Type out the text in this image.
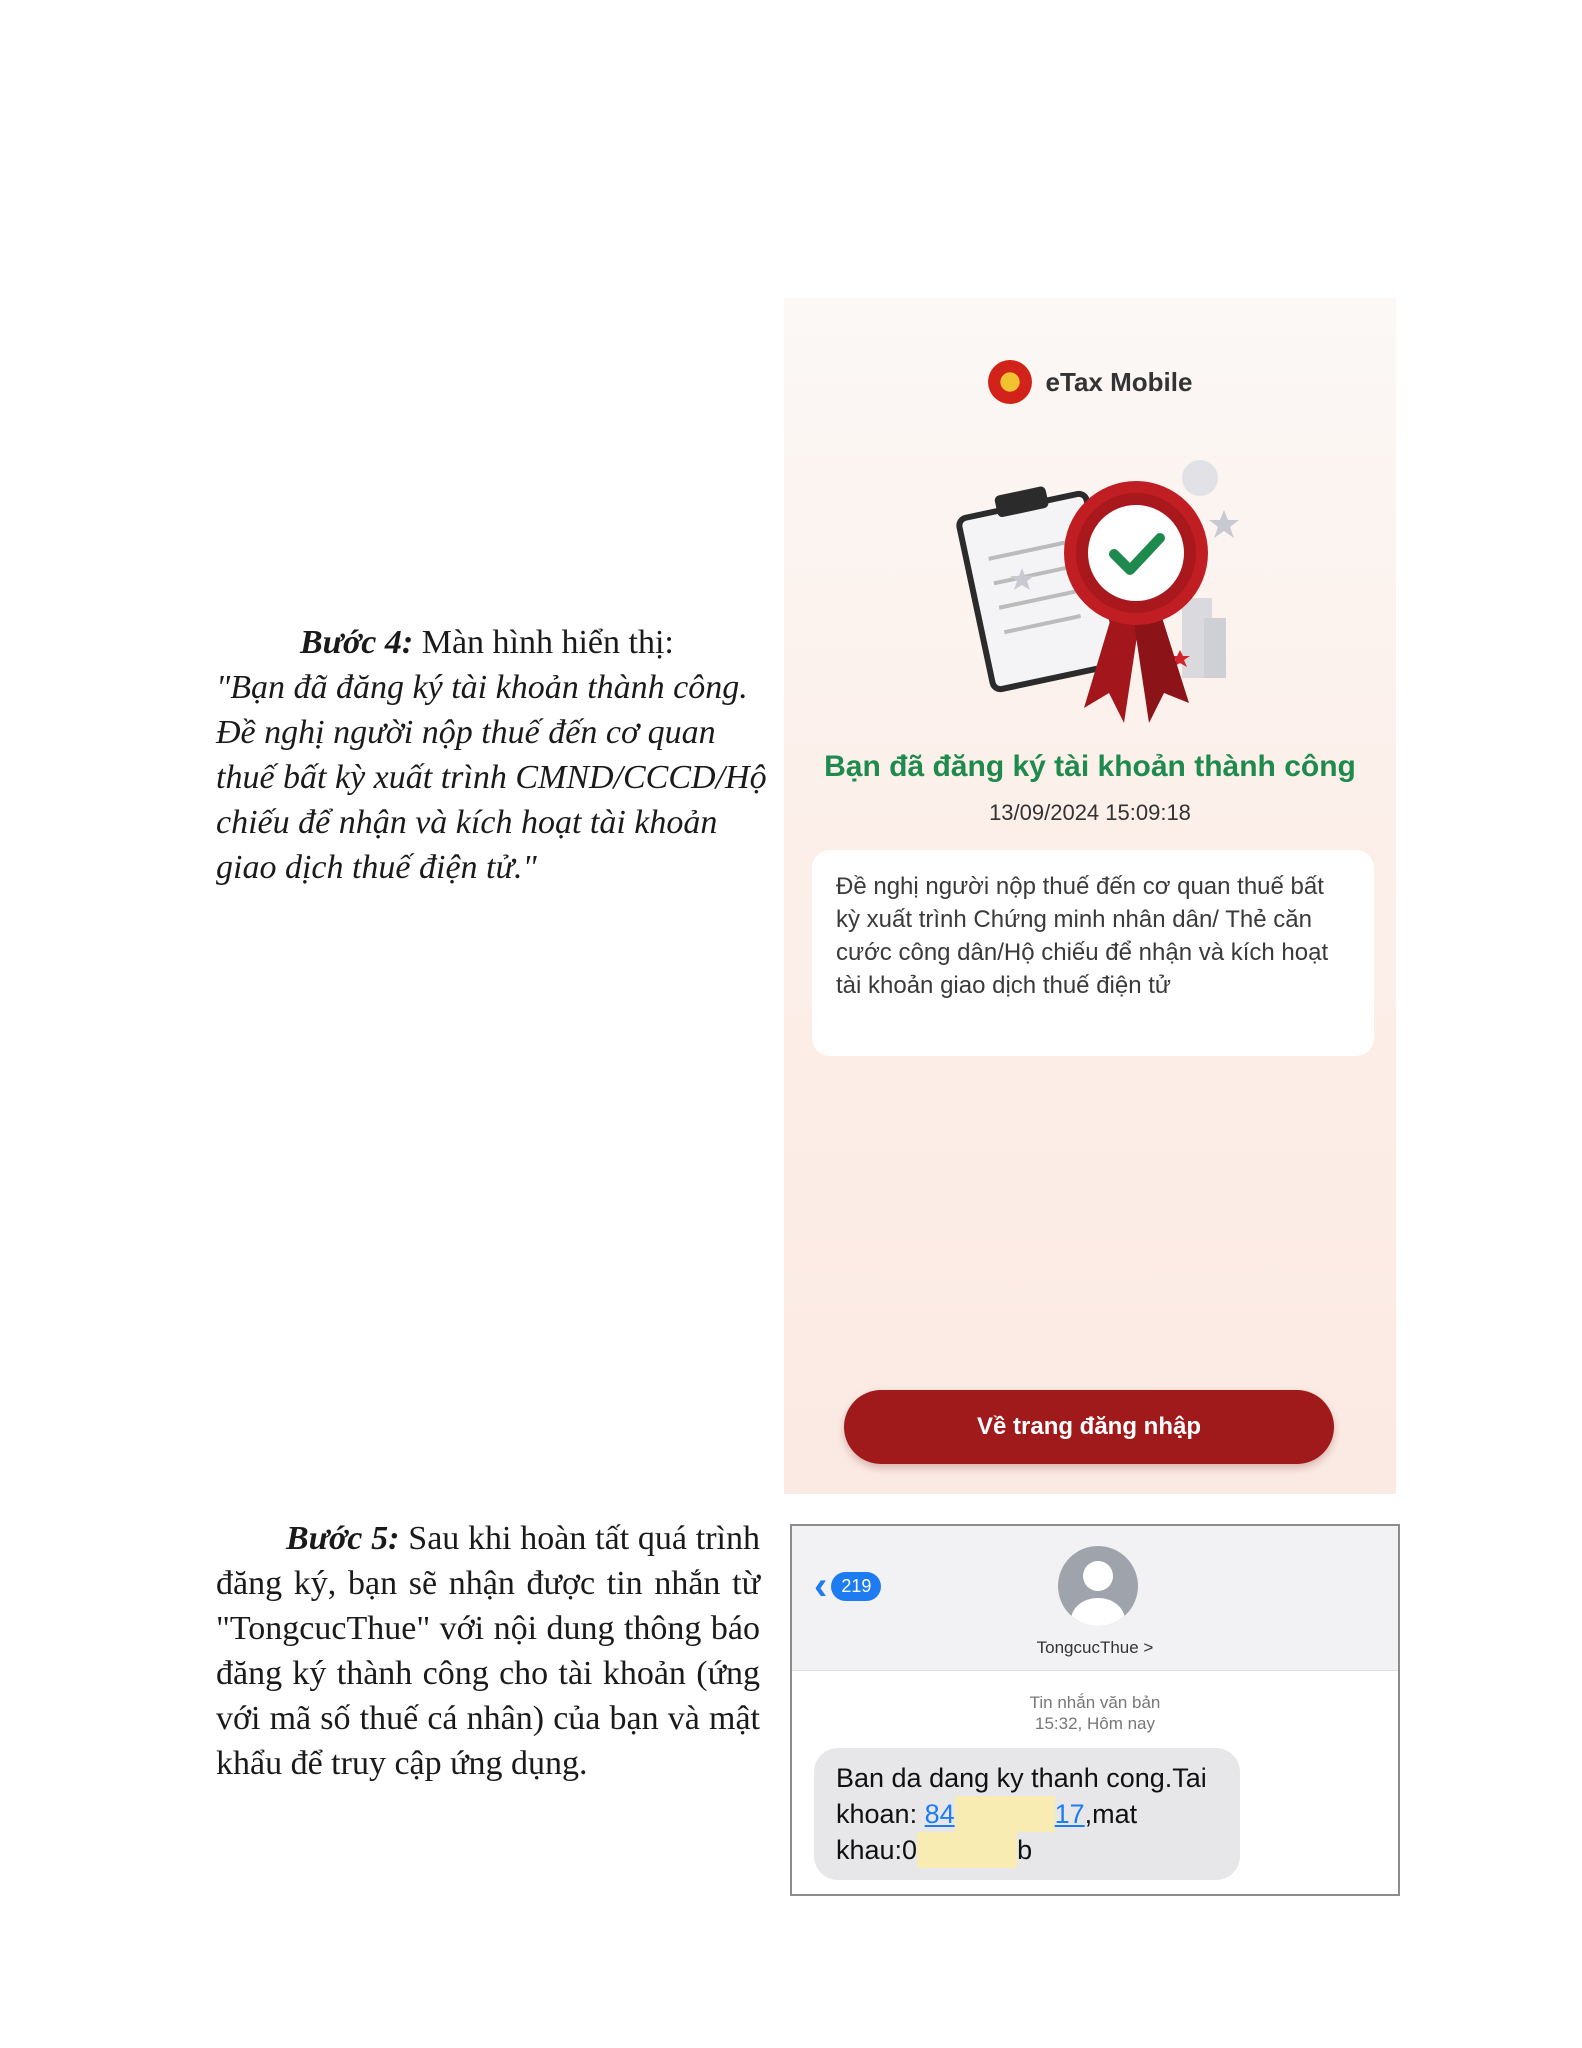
Bước 4: Màn hình hiển thị:
"Bạn đã đăng ký tài khoản thành công. Đề nghị người nộp thuế đến cơ quan thuế bất kỳ xuất trình CMND/CCCD/Hộ chiếu để nhận và kích hoạt tài khoản giao dịch thuế điện tử."

eTax Mobile
Bạn đã đăng ký tài khoản thành công
13/09/2024 15:09:18
Đề nghị người nộp thuế đến cơ quan thuế bất kỳ xuất trình Chứng minh nhân dân/ Thẻ căn cước công dân/Hộ chiếu để nhận và kích hoạt tài khoản giao dịch thuế điện tử
Về trang đăng nhập

Bước 5: Sau khi hoàn tất quá trình đăng ký, bạn sẽ nhận được tin nhắn từ "TongcucThue" với nội dung thông báo đăng ký thành công cho tài khoản (ứng với mã số thuế cá nhân) của bạn và mật khẩu để truy cập ứng dụng.

‹ 219
TongcucThue >
Tin nhắn văn bản
15:32, Hôm nay
Ban da dang ky thanh cong.Tai
khoan: 84	17,mat
khau:0	b
